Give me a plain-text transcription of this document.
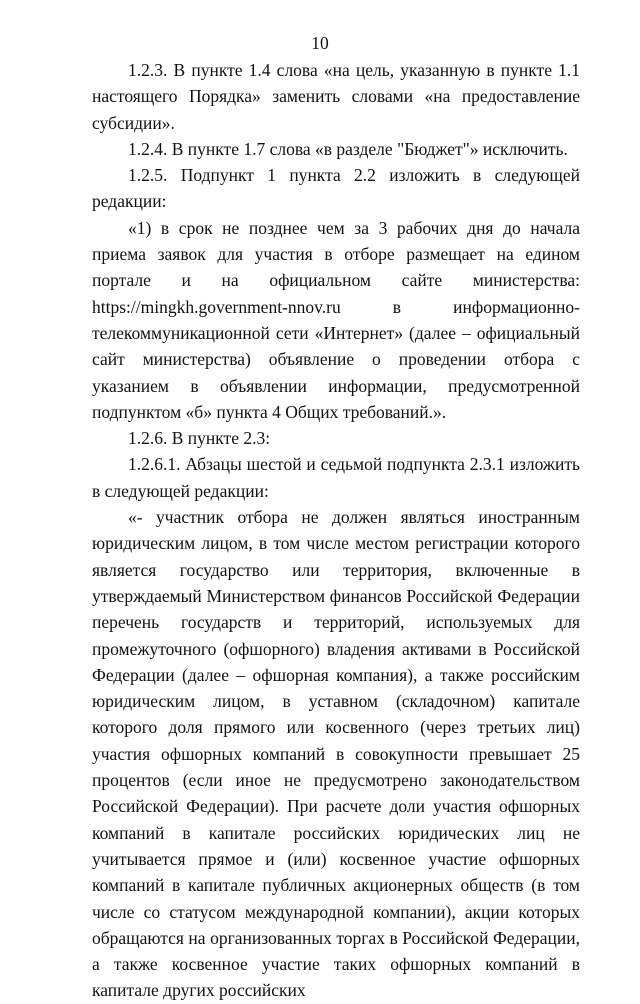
10

1.2.3. В пункте 1.4 слова «на цель, указанную в пункте 1.1 настоящего Порядка» заменить словами «на предоставление субсидии».

1.2.4. В пункте 1.7 слова «в разделе "Бюджет"» исключить.

1.2.5. Подпункт 1 пункта 2.2 изложить в следующей редакции:

«1) в срок не позднее чем за 3 рабочих дня до начала приема заявок для участия в отборе размещает на едином портале и на официальном сайте министерства: https://mingkh.government-nnov.ru в информационно-телекоммуникационной сети «Интернет» (далее – официальный сайт министерства) объявление о проведении отбора с указанием в объявлении информации, предусмотренной подпунктом «б» пункта 4 Общих требований.».

1.2.6. В пункте 2.3:

1.2.6.1. Абзацы шестой и седьмой подпункта 2.3.1 изложить в следующей редакции:

«- участник отбора не должен являться иностранным юридическим лицом, в том числе местом регистрации которого является государство или территория, включенные в утверждаемый Министерством финансов Российской Федерации перечень государств и территорий, используемых для промежуточного (офшорного) владения активами в Российской Федерации (далее – офшорная компания), а также российским юридическим лицом, в уставном (складочном) капитале которого доля прямого или косвенного (через третьих лиц) участия офшорных компаний в совокупности превышает 25 процентов (если иное не предусмотрено законодательством Российской Федерации). При расчете доли участия офшорных компаний в капитале российских юридических лиц не учитывается прямое и (или) косвенное участие офшорных компаний в капитале публичных акционерных обществ (в том числе со статусом международной компании), акции которых обращаются на организованных торгах в Российской Федерации, а также косвенное участие таких офшорных компаний в капитале других российских
